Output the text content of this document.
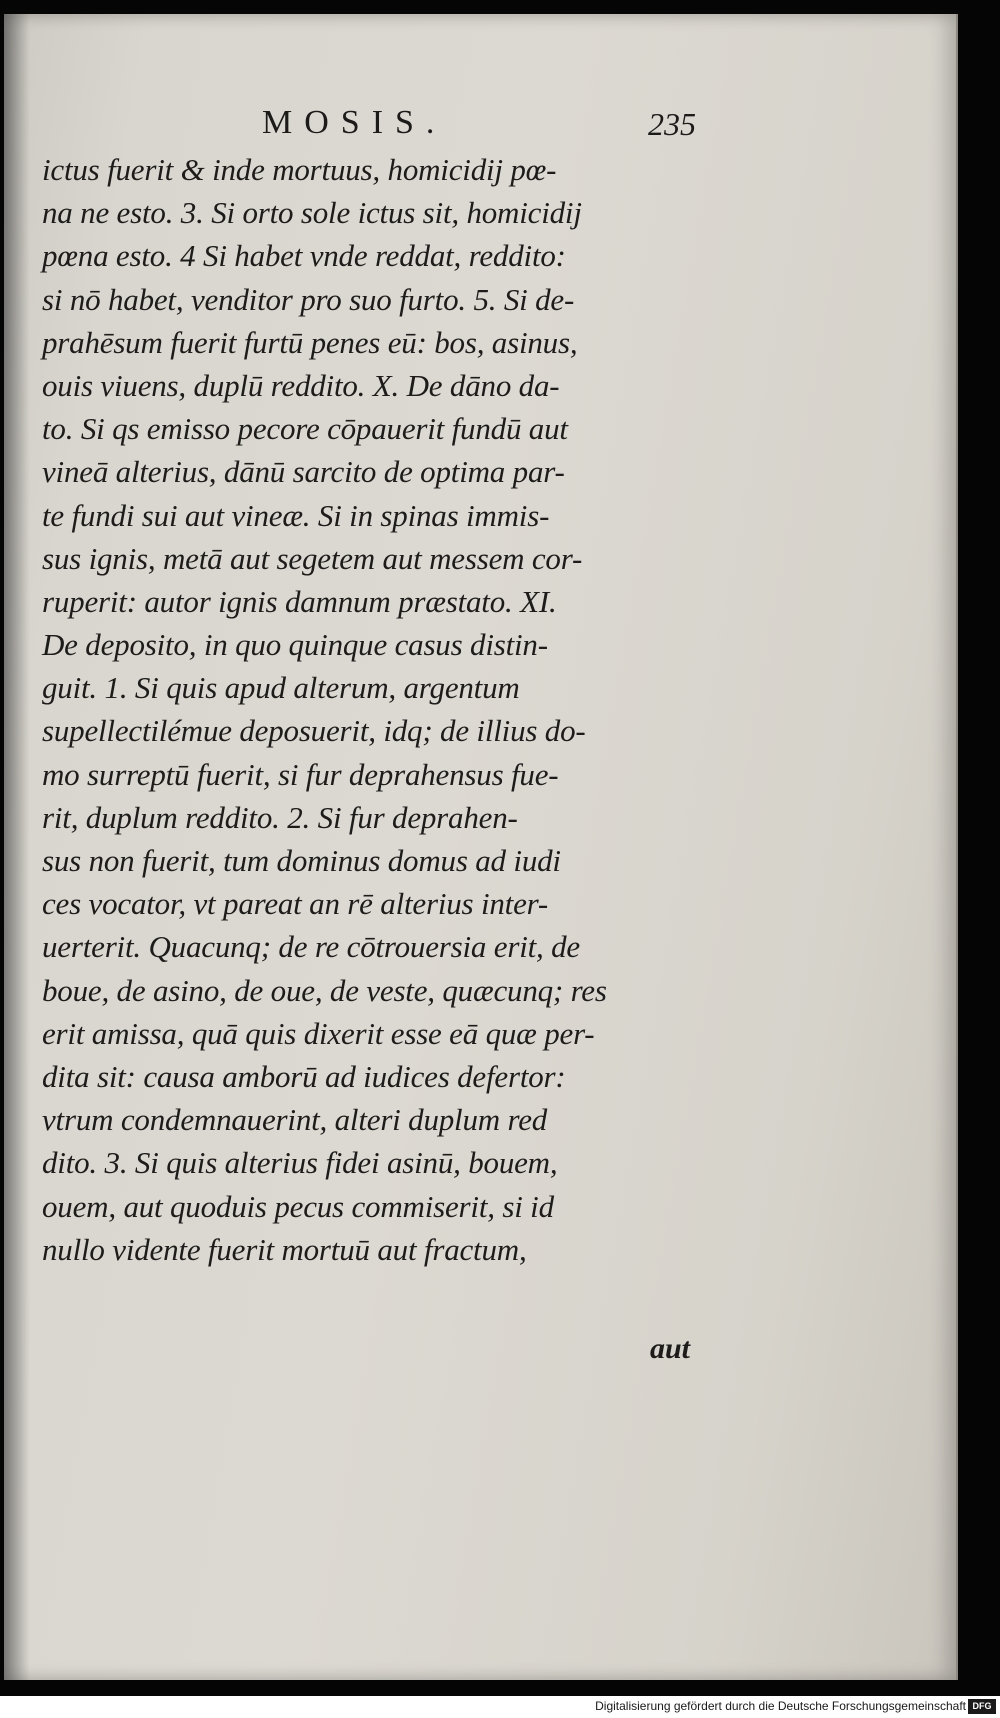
MOSIS.	235
ictus fuerit & inde mortuus, homicidij pœ-
na ne esto. 3. Si orto sole ictus sit, homicidij
pœna esto. 4 Si habet vnde reddat, reddito:
si nō habet, venditor pro suo furto. 5. Si de-
prahēsum fuerit furtū penes eū: bos, asinus,
ouis viuens, duplū reddito. X. De dāno da-
to. Si qs emisso pecore cōpauerit fundū aut
vineā alterius, dānū sarcito de optima par-
te fundi sui aut vineæ. Si in spinas immis-
sus ignis, metā aut segetem aut messem cor-
ruperit: autor ignis damnum præstato. XI.
De deposito, in quo quinque casus distin-
guit. 1. Si quis apud alterum, argentum
supellectilémue deposuerit, idq; de illius do-
mo surreptū fuerit, si fur deprahensus fue-
rit, duplum reddito. 2. Si fur deprahen-
sus non fuerit, tum dominus domus ad iudi
ces vocator, vt pareat an rē alterius inter-
uerterit. Quacunq; de re cōtrouersia erit, de
boue, de asino, de oue, de veste, quæcunq; res
erit amissa, quā quis dixerit esse eā quæ per-
dita sit: causa amborū ad iudices defertor:
vtrum condemnauerint, alteri duplum red
dito. 3. Si quis alterius fidei asinū, bouem,
ouem, aut quoduis pecus commiserit, si id
nullo vidente fuerit mortuū aut fractum,
aut
Digitalisierung gefördert durch die Deutsche Forschungsgemeinschaft DFG
